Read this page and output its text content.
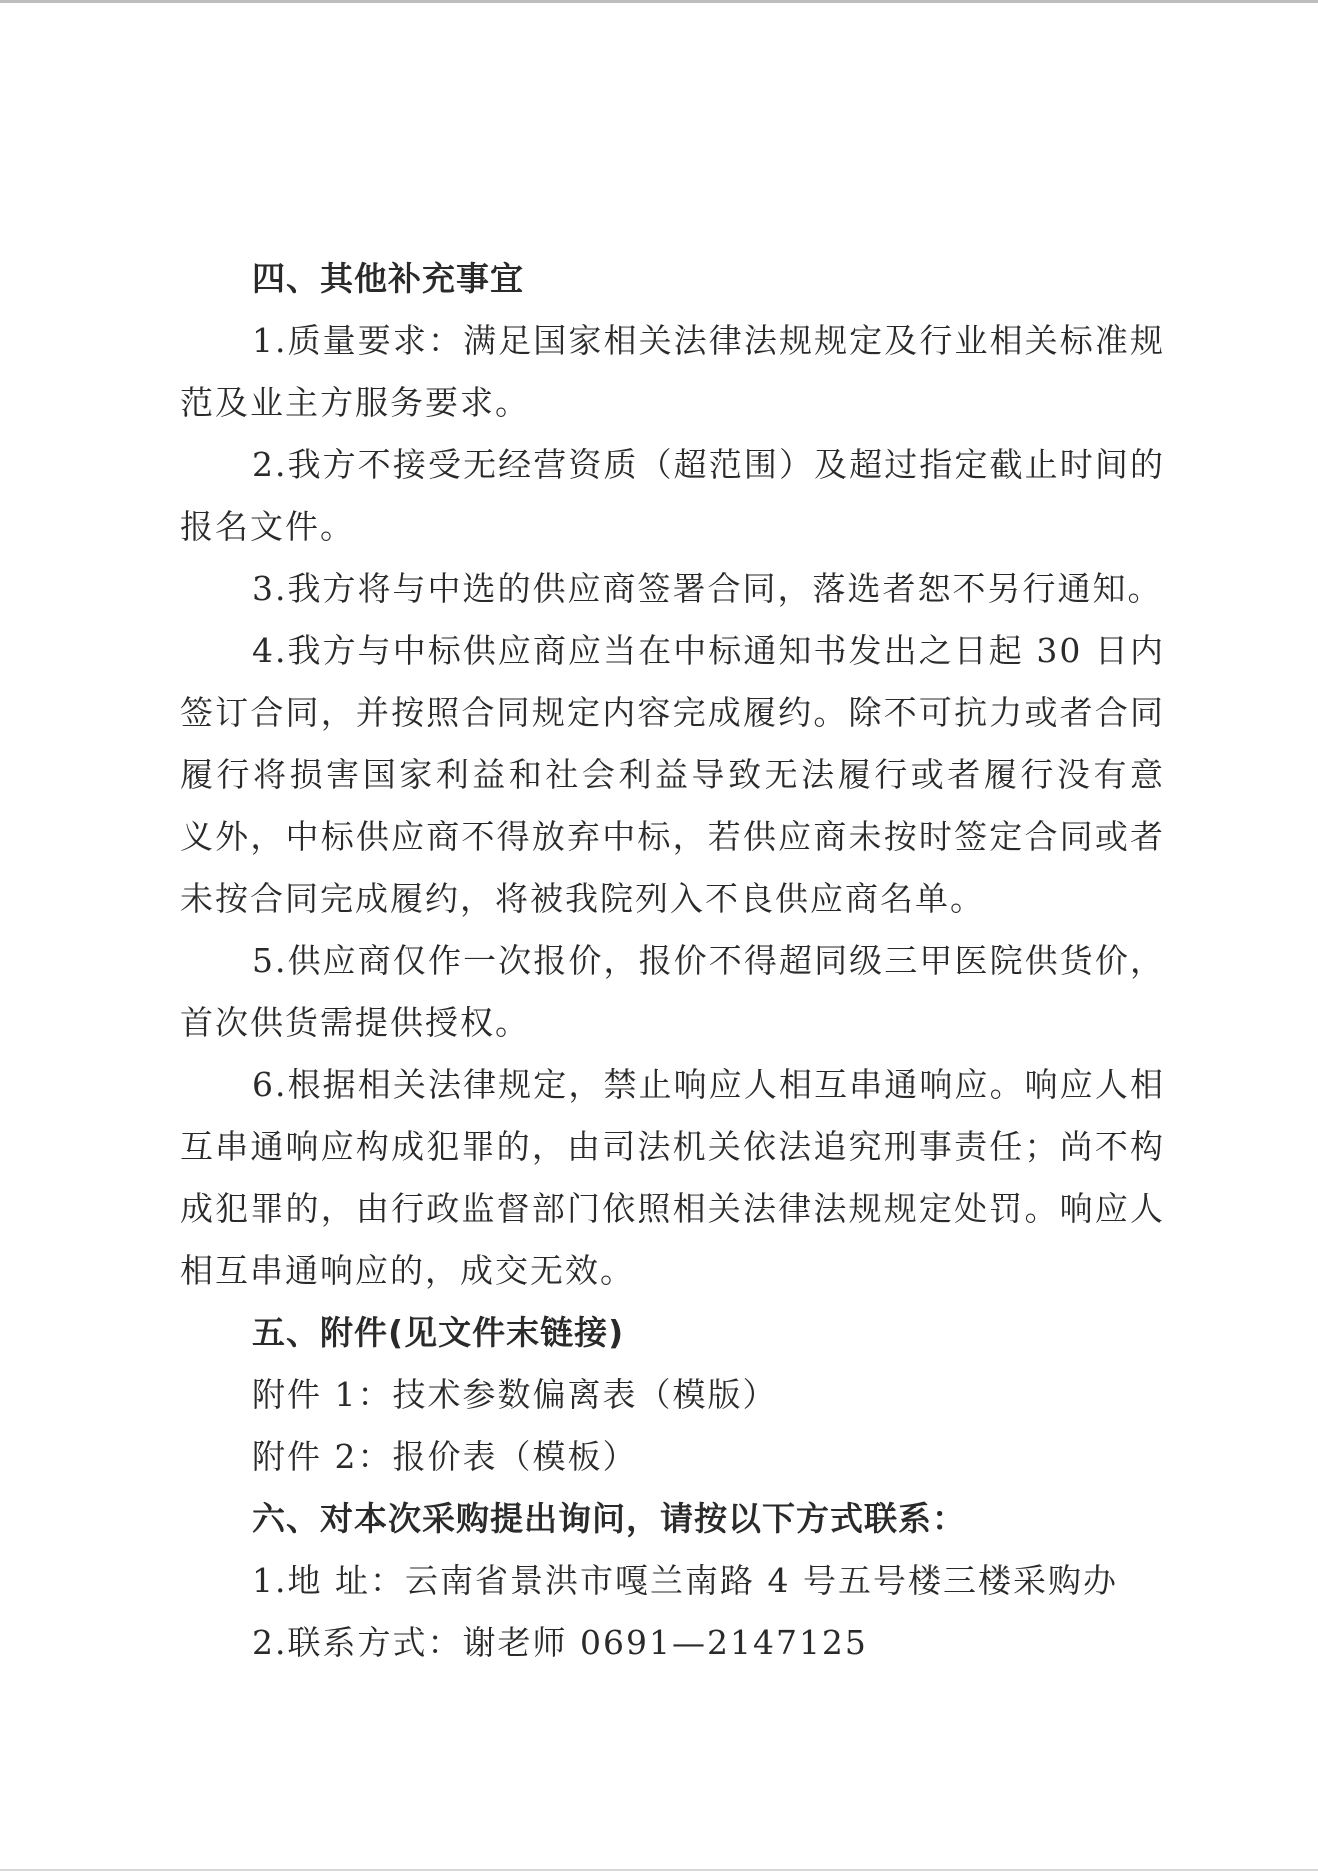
四、其他补充事宜
1.质量要求：满足国家相关法律法规规定及行业相关标准规
范及业主方服务要求。
2.我方不接受无经营资质（超范围）及超过指定截止时间的
报名文件。
3.我方将与中选的供应商签署合同，落选者恕不另行通知。
4.我方与中标供应商应当在中标通知书发出之日起 30 日内
签订合同，并按照合同规定内容完成履约。除不可抗力或者合同
履行将损害国家利益和社会利益导致无法履行或者履行没有意
义外，中标供应商不得放弃中标，若供应商未按时签定合同或者
未按合同完成履约，将被我院列入不良供应商名单。
5.供应商仅作一次报价，报价不得超同级三甲医院供货价，
首次供货需提供授权。
6.根据相关法律规定，禁止响应人相互串通响应。响应人相
互串通响应构成犯罪的，由司法机关依法追究刑事责任；尚不构
成犯罪的，由行政监督部门依照相关法律法规规定处罚。响应人
相互串通响应的，成交无效。
五、附件(见文件末链接)
附件 1：技术参数偏离表（模版）
附件 2：报价表（模板）
六、对本次采购提出询问，请按以下方式联系：
1.地 址：云南省景洪市嘎兰南路 4 号五号楼三楼采购办
2.联系方式：谢老师 0691—2147125
